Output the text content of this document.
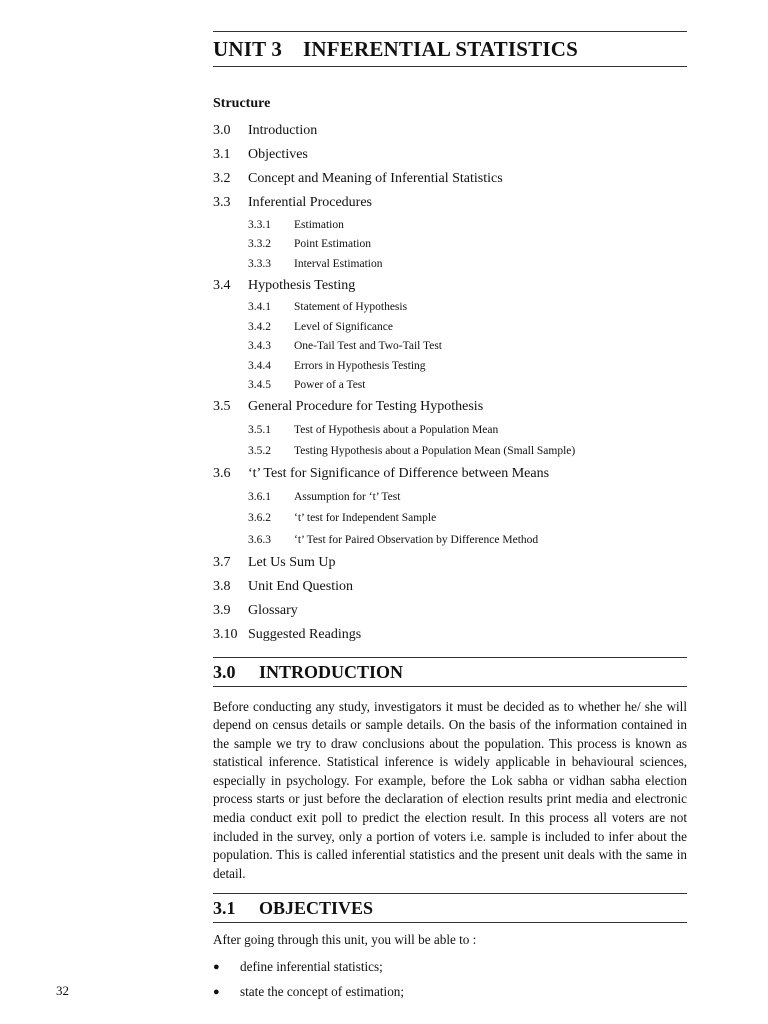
UNIT 3 INFERENTIAL STATISTICS
Structure
3.0	Introduction
3.1	Objectives
3.2	Concept and Meaning of Inferential Statistics
3.3	Inferential Procedures
3.3.1	Estimation
3.3.2	Point Estimation
3.3.3	Interval Estimation
3.4	Hypothesis Testing
3.4.1	Statement of Hypothesis
3.4.2	Level of Significance
3.4.3	One-Tail Test and Two-Tail Test
3.4.4	Errors in Hypothesis Testing
3.4.5	Power of a Test
3.5	General Procedure for Testing Hypothesis
3.5.1	Test of Hypothesis about a Population Mean
3.5.2	Testing Hypothesis about a Population Mean (Small Sample)
3.6	‘t’ Test for Significance of Difference between Means
3.6.1	Assumption for ‘t’ Test
3.6.2	‘t’ test for Independent Sample
3.6.3	‘t’ Test for Paired Observation by Difference Method
3.7	Let Us Sum Up
3.8	Unit End Question
3.9	Glossary
3.10 Suggested Readings
3.0 INTRODUCTION

Before conducting any study, investigators it must be decided as to whether he/ she will depend on census details or sample details. On the basis of the information contained in the sample we try to draw conclusions about the population. This process is known as statistical inference. Statistical inference is widely applicable in behavioural sciences, especially in psychology. For example, before the Lok sabha or vidhan sabha election process starts or just before the declaration of election results print media and electronic media conduct exit poll to predict the election result. In this process all voters are not included in the survey, only a portion of voters i.e. sample is included to infer about the population. This is called inferential statistics and the present unit deals with the same in detail.

3.1 OBJECTIVES
After going through this unit, you will be able to :
●	define inferential statistics;
●	state the concept of estimation;
32
